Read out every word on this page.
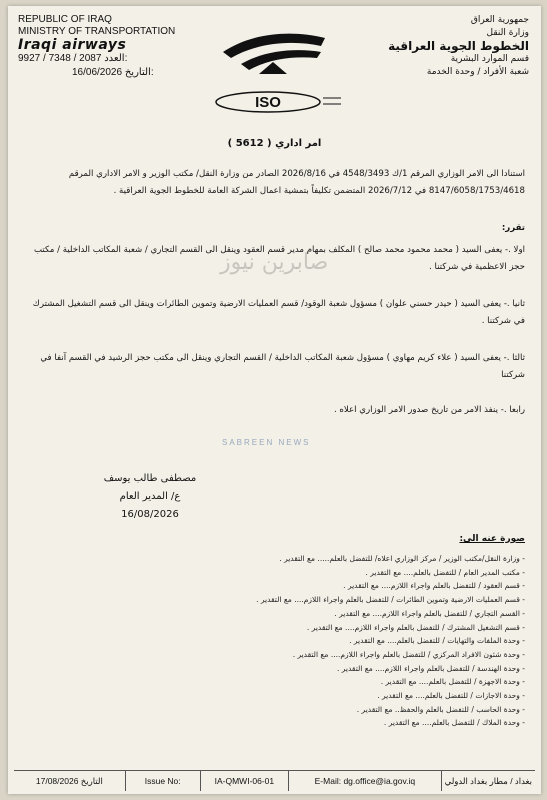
REPUBLIC OF IRAQ
MINISTRY OF TRANSPORTATION
Iraqi airways
9927 / 7348 / 2087 العدد:
16/06/2026 التاريخ:
ISO
جمهورية العراق
وزارة النقل

الخطوط الجوية العراقية
قسم الموارد البشرية
شعبة الأفراد / وحدة الخدمة
امر اداري ( 5612 )
استنادا الى الامر الوزاري المرقم 1/ك 4548/3493 في 2026/8/16 الصادر من وزارة النقل/ مكتب الوزير و الامر الاداري المرقم 8147/6058/1753/4618 في 2026/7/12 المتضمن تكليفاً بتمشية اعمال الشركة العامة للخطوط الجوية العراقية .
تقرر:
اولا .- يعفى السيد ( محمد محمود محمد صالح ) المكلف بمهام مدير قسم العقود وينقل الى القسم التجاري / شعبة المكاتب الداخلية / مكتب حجز الاعظمية في شركتنا .
ثانيا .- يعفى السيد ( حيدر حسني علوان ) مسؤول شعبة الوقود/ قسم العمليات الارضية وتموين الطائرات وينقل الى قسم التشغيل المشترك في شركتنا .
ثالثا .- يعفى السيد ( علاء كريم مهاوي ) مسؤول شعبة المكاتب الداخلية / القسم التجاري وينقل الى مكتب حجز الرشيد في القسم آنفا في شركتنا
رابعا .- ينفذ الامر من تاريخ صدور الامر الوزاري اعلاه .
صابرين نيوز
SABREEN NEWS
مصطفى طالب يوسف
ع/ المدير العام
16/08/2026
صورة عنه الى:
- وزارة النقل/مكتب الوزير / مركز الوزاري اعلاه/ للتفضل بالعلم..... مع التقدير .
- مكتب المدير العام / للتفضل بالعلم.... مع التقدير .
- قسم العقود / للتفضل بالعلم واجراء اللازم.... مع التقدير .
- قسم العمليات الارضية وتموين الطائرات / للتفضل بالعلم واجراء اللازم.... مع التقدير .
- القسم التجاري / للتفضل بالعلم واجراء اللازم.... مع التقدير .
- قسم التشغيل المشترك / للتفضل بالعلم واجراء اللازم.... مع التقدير .
- وحدة الملفات والتهايات / للتفضل بالعلم.... مع التقدير .
- وحدة شئون الافراد المركزي / للتفضل بالعلم واجراء اللازم.... مع التقدير .
- وحدة الهندسة / للتفضل بالعلم واجراء اللازم.... مع التقدير .
- وحدة الاجهزة / للتفضل بالعلم.... مع التقدير .
- وحدة الاجازات / للتفضل بالعلم.... مع التقدير .
- وحدة الحاسب / للتفضل بالعلم والحفظ.. مع التقدير .
- وحدة الملاك / للتفضل بالعلم.... مع التقدير .
17/08/2026
التاريخ	Issue No:	IA-QMWI-06-01	E-Mail: dg.office@ia.gov.iq	بغداد / مطار بغداد الدولي
